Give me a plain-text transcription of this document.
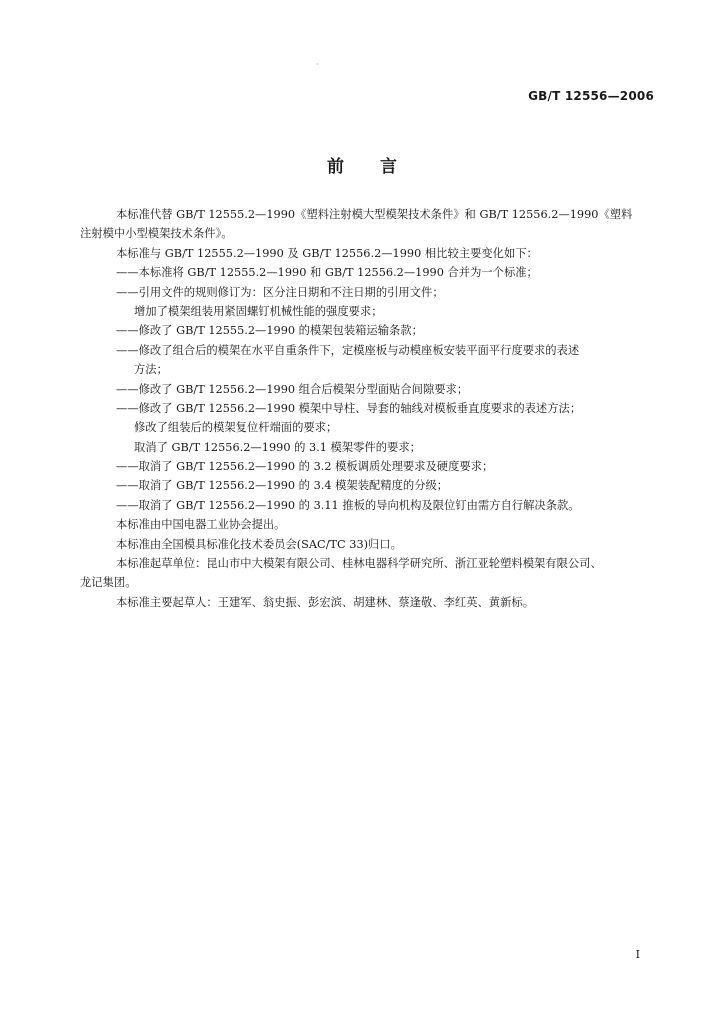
·
GB/T 12556—2006
前 言
本标准代替 GB/T 12555.2—1990《塑料注射模大型模架技术条件》和 GB/T 12556.2—1990《塑料
注射模中小型模架技术条件》。
本标准与 GB/T 12555.2—1990 及 GB/T 12556.2—1990 相比较主要变化如下：
——本标准将 GB/T 12555.2—1990 和 GB/T 12556.2—1990 合并为一个标准；
——引用文件的规则修订为：区分注日期和不注日期的引用文件；
增加了模架组装用紧固螺钉机械性能的强度要求；
——修改了 GB/T 12555.2—1990 的模架包装箱运输条款；
——修改了组合后的模架在水平自重条件下，定模座板与动模座板安装平面平行度要求的表述
方法；
——修改了 GB/T 12556.2—1990 组合后模架分型面贴合间隙要求；
——修改了 GB/T 12556.2—1990 模架中导柱、导套的轴线对模板垂直度要求的表述方法；
修改了组装后的模架复位杆端面的要求；
取消了 GB/T 12556.2—1990 的 3.1 模架零件的要求；
——取消了 GB/T 12556.2—1990 的 3.2 模板调质处理要求及硬度要求；
——取消了 GB/T 12556.2—1990 的 3.4 模架装配精度的分级；
——取消了 GB/T 12556.2—1990 的 3.11 推板的导向机构及限位钉由需方自行解决条款。
本标准由中国电器工业协会提出。
本标准由全国模具标准化技术委员会(SAC/TC 33)归口。
本标准起草单位：昆山市中大模架有限公司、桂林电器科学研究所、浙江亚轮塑料模架有限公司、
龙记集团。
本标准主要起草人：王建军、翁史振、彭宏滨、胡建林、蔡逢敬、李红英、黄新标。
I
